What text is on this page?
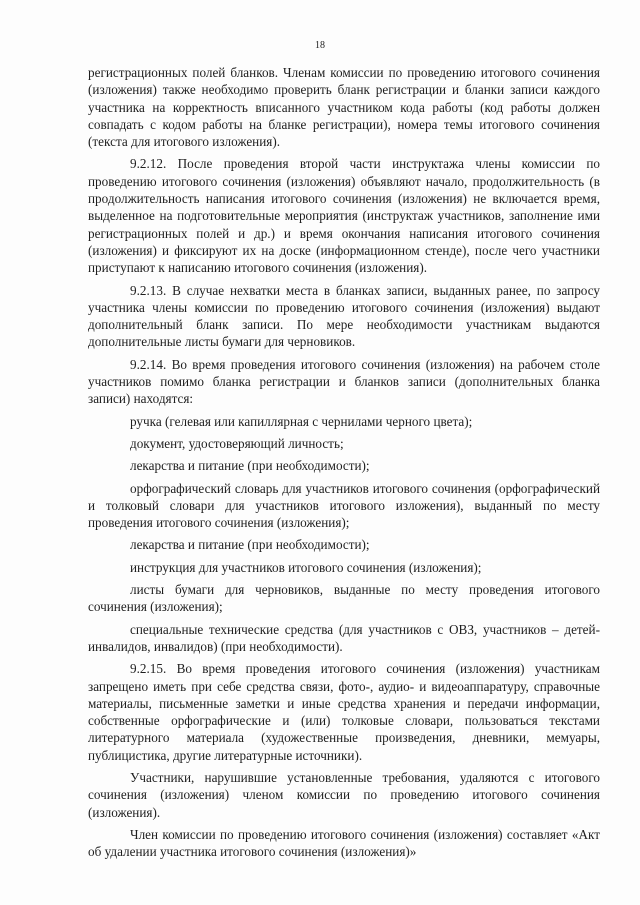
18

регистрационных полей бланков. Членам комиссии по проведению итогового сочинения (изложения) также необходимо проверить бланк регистрации и бланки записи каждого участника на корректность вписанного участником кода работы (код работы должен совпадать с кодом работы на бланке регистрации), номера темы итогового сочинения (текста для итогового изложения).

9.2.12. После проведения второй части инструктажа члены комиссии по проведению итогового сочинения (изложения) объявляют начало, продолжительность (в продолжительность написания итогового сочинения (изложения) не включается время, выделенное на подготовительные мероприятия (инструктаж участников, заполнение ими регистрационных полей и др.) и время окончания написания итогового сочинения (изложения) и фиксируют их на доске (информационном стенде), после чего участники приступают к написанию итогового сочинения (изложения).

9.2.13. В случае нехватки места в бланках записи, выданных ранее, по запросу участника члены комиссии по проведению итогового сочинения (изложения) выдают дополнительный бланк записи. По мере необходимости участникам выдаются дополнительные листы бумаги для черновиков.

9.2.14. Во время проведения итогового сочинения (изложения) на рабочем столе участников помимо бланка регистрации и бланков записи (дополнительных бланка записи) находятся:

ручка (гелевая или капиллярная с чернилами черного цвета);
документ, удостоверяющий личность;
лекарства и питание (при необходимости);
орфографический словарь для участников итогового сочинения (орфографический и толковый словари для участников итогового изложения), выданный по месту проведения итогового сочинения (изложения);
лекарства и питание (при необходимости);
инструкция для участников итогового сочинения (изложения);
листы бумаги для черновиков, выданные по месту проведения итогового сочинения (изложения);
специальные технические средства (для участников с ОВЗ, участников – детей-инвалидов, инвалидов) (при необходимости).

9.2.15. Во время проведения итогового сочинения (изложения) участникам запрещено иметь при себе средства связи, фото-, аудио- и видеоаппаратуру, справочные материалы, письменные заметки и иные средства хранения и передачи информации, собственные орфографические и (или) толковые словари, пользоваться текстами литературного материала (художественные произведения, дневники, мемуары, публицистика, другие литературные источники).

Участники, нарушившие установленные требования, удаляются с итогового сочинения (изложения) членом комиссии по проведению итогового сочинения (изложения).

Член комиссии по проведению итогового сочинения (изложения) составляет «Акт об удалении участника итогового сочинения (изложения)»
